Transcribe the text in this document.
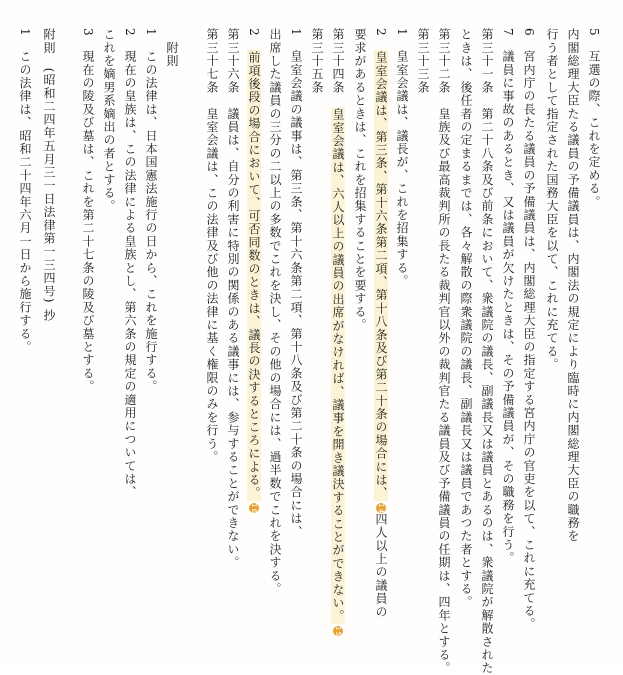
5　互選の際、これを定める。
内閣総理大臣たる議員の予備議員は、内閣法の規定により臨時に内閣総理大臣の職務を
行う者として指定された国務大臣を以て、これに充てる。
6　宮内庁の長たる議員の予備議員は、内閣総理大臣の指定する宮内庁の官吏を以て、これに充てる。
7　議員に事故のあるとき、又は議員が欠けたときは、その予備議員が、その職務を行う。
第三十一条　第二十八条及び前条において、衆議院の議長、副議長又は議員とあるのは、衆議院が解散された
ときは、後任者の定まるまでは、各々解散の際衆議院の議長、副議長又は議員であつた者とする。
第三十二条　皇族及び最高裁判所の長たる裁判官以外の裁判官たる議員及び予備議員の任期は、四年とする。
第三十三条
1　皇室会議は、議長が、これを招集する。
2　皇室会議は、第三条、第十六条第二項、第十八条及び第二十条の場合には、14四人以上の議員の
要求があるときは、これを招集することを要する。
第三十四条　皇室会議は、六人以上の議員の出席がなければ、議事を開き議決することができない。15
第三十五条
1　皇室会議の議事は、第三条、第十六条第二項、第十八条及び第二十条の場合には、
出席した議員の三分の二以上の多数でこれを決し、その他の場合には、過半数でこれを決する。
2　前項後段の場合において、可否同数のときは、議長の決するところによる。16
第三十六条　議員は、自分の利害に特別の関係のある議事には、参与することができない。
第三十七条　皇室会議は、この法律及び他の法律に基く権限のみを行う。
　附則
1　この法律は、日本国憲法施行の日から、これを施行する。
2　現在の皇族は、この法律による皇族とし、第六条の規定の適用については、
これを嫡男系嫡出の者とする。
3　現在の陵及び墓は、これを第二十七条の陵及び墓とする。
附則　(昭和二四年五月三一日法律第一三四号) 抄
1　この法律は、昭和二十四年六月一日から施行する。
